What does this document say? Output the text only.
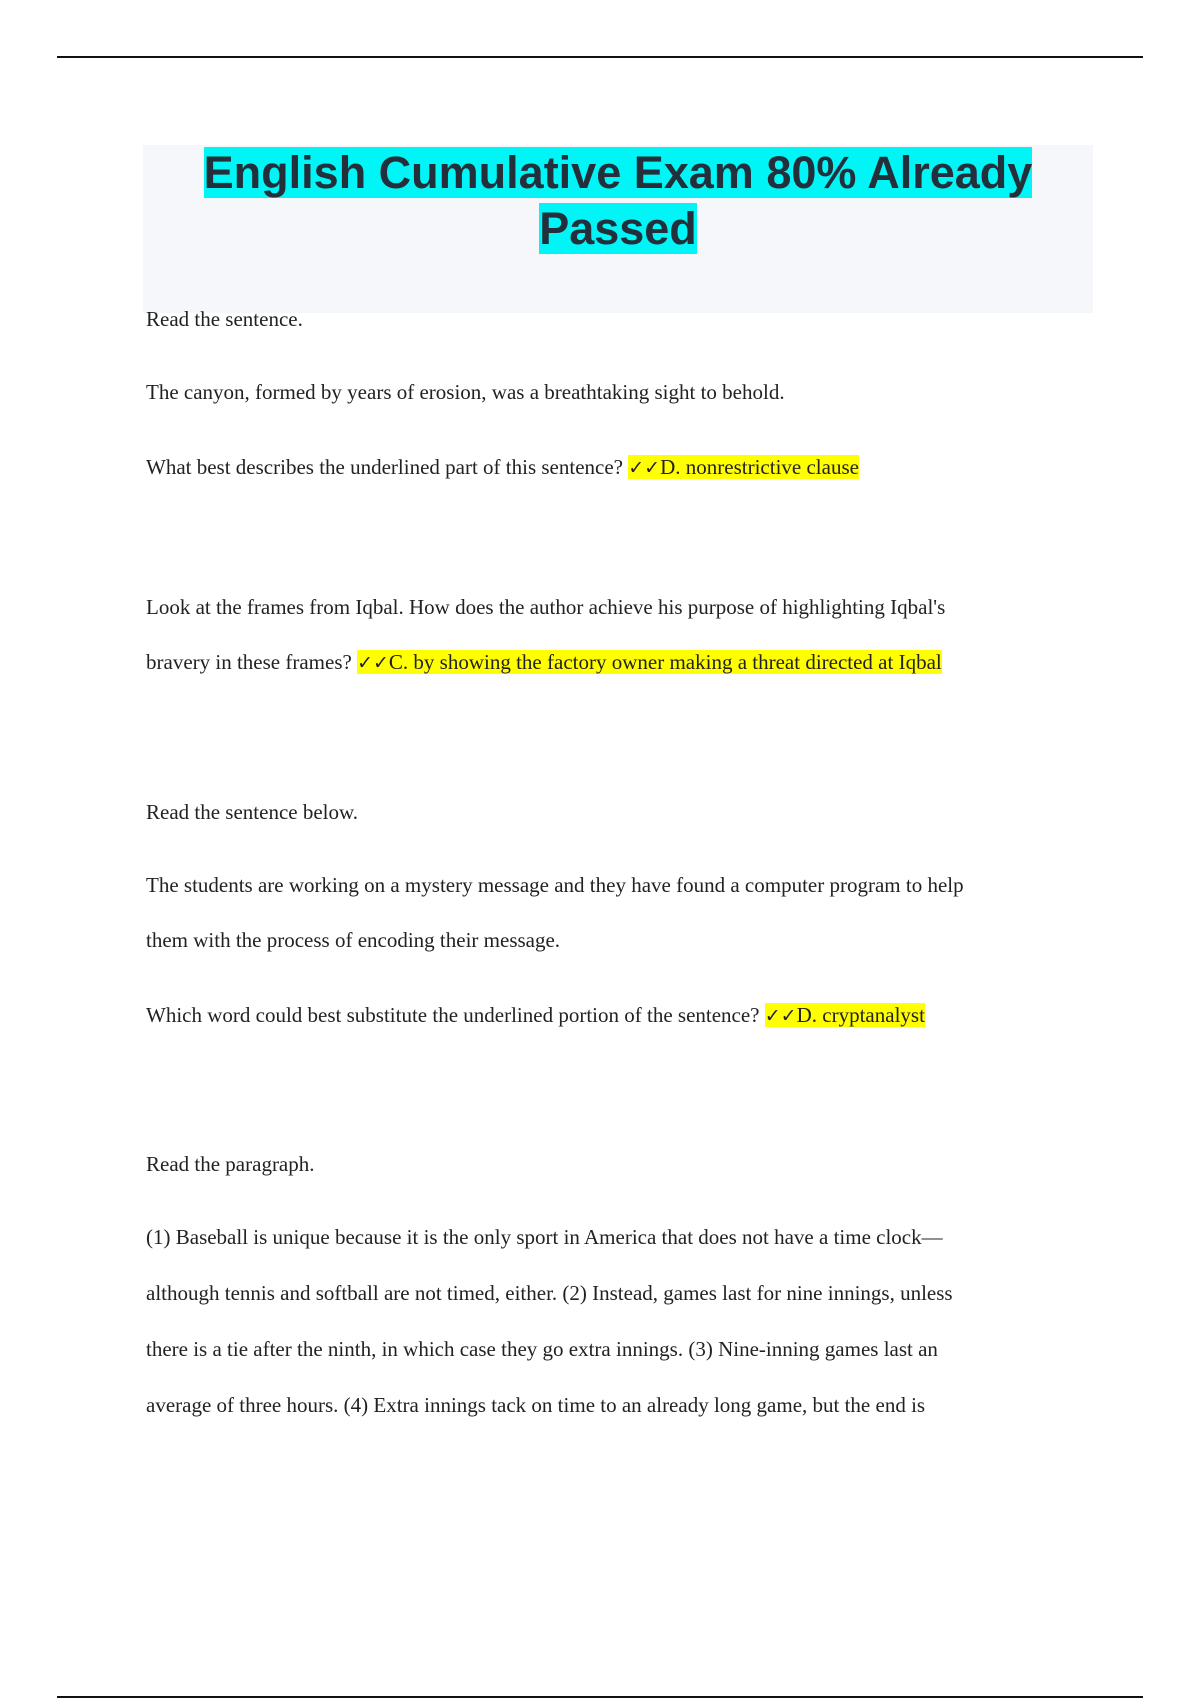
English Cumulative Exam 80% Already Passed

Read the sentence.

The canyon, formed by years of erosion, was a breathtaking sight to behold.

What best describes the underlined part of this sentence? ✓✓D. nonrestrictive clause

Look at the frames from Iqbal. How does the author achieve his purpose of highlighting Iqbal's

bravery in these frames? ✓✓C. by showing the factory owner making a threat directed at Iqbal

Read the sentence below.

The students are working on a mystery message and they have found a computer program to help

them with the process of encoding their message.

Which word could best substitute the underlined portion of the sentence? ✓✓D. cryptanalyst

Read the paragraph.

(1) Baseball is unique because it is the only sport in America that does not have a time clock—

although tennis and softball are not timed, either. (2) Instead, games last for nine innings, unless

there is a tie after the ninth, in which case they go extra innings. (3) Nine-inning games last an

average of three hours. (4) Extra innings tack on time to an already long game, but the end is
